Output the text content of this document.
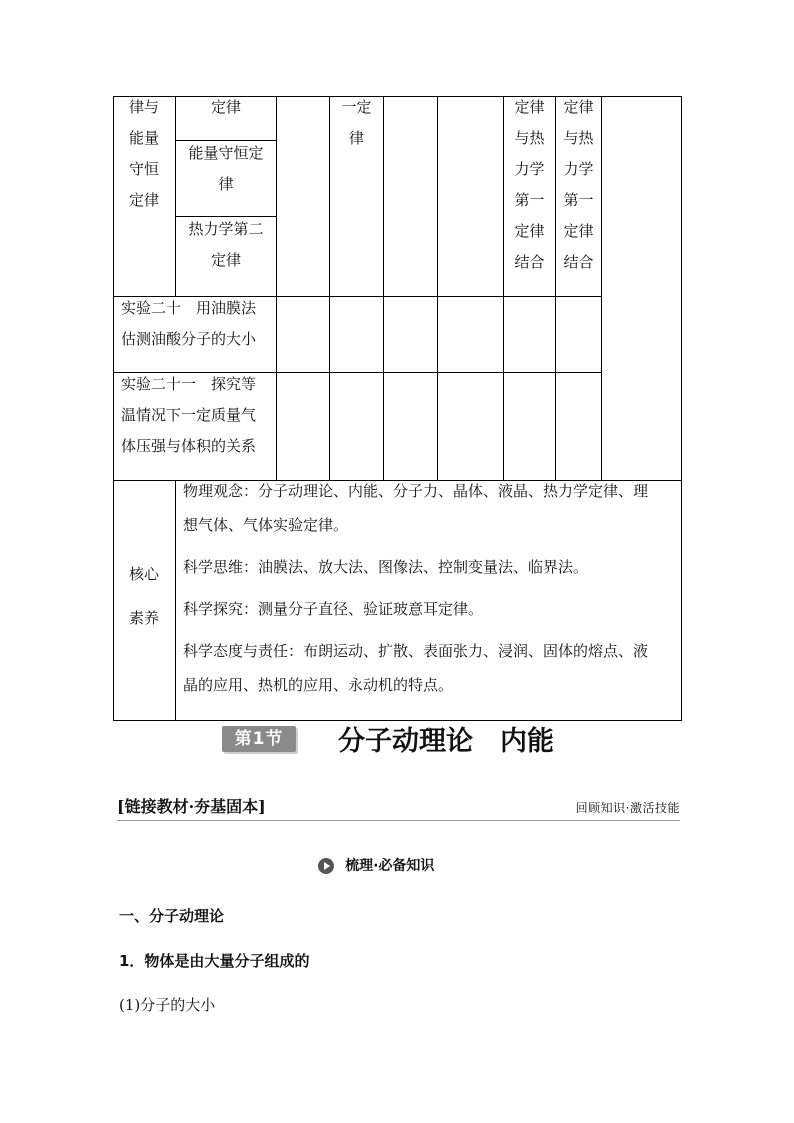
律与
能量
守恒
定律
定律
能量守恒定
律
热力学第二
定律
一定
律
定律
与热
力学
第一
定律
结合
定律
与热
力学
第一
定律
结合
实验二十　用油膜法
估测油酸分子的大小
实验二十一　探究等
温情况下一定质量气
体压强与体积的关系
核心
素养
物理观念：分子动理论、内能、分子力、晶体、液晶、热力学定律、理
想气体、气体实验定律。
科学思维：油膜法、放大法、图像法、控制变量法、临界法。
科学探究：测量分子直径、验证玻意耳定律。
科学态度与责任：布朗运动、扩散、表面张力、浸润、固体的熔点、液
晶的应用、热机的应用、永动机的特点。
第1节	分子动理论　内能
[链接教材·夯基固本]	回顾知识·激活技能
梳理·必备知识
一、分子动理论
1．物体是由大量分子组成的
(1)分子的大小
